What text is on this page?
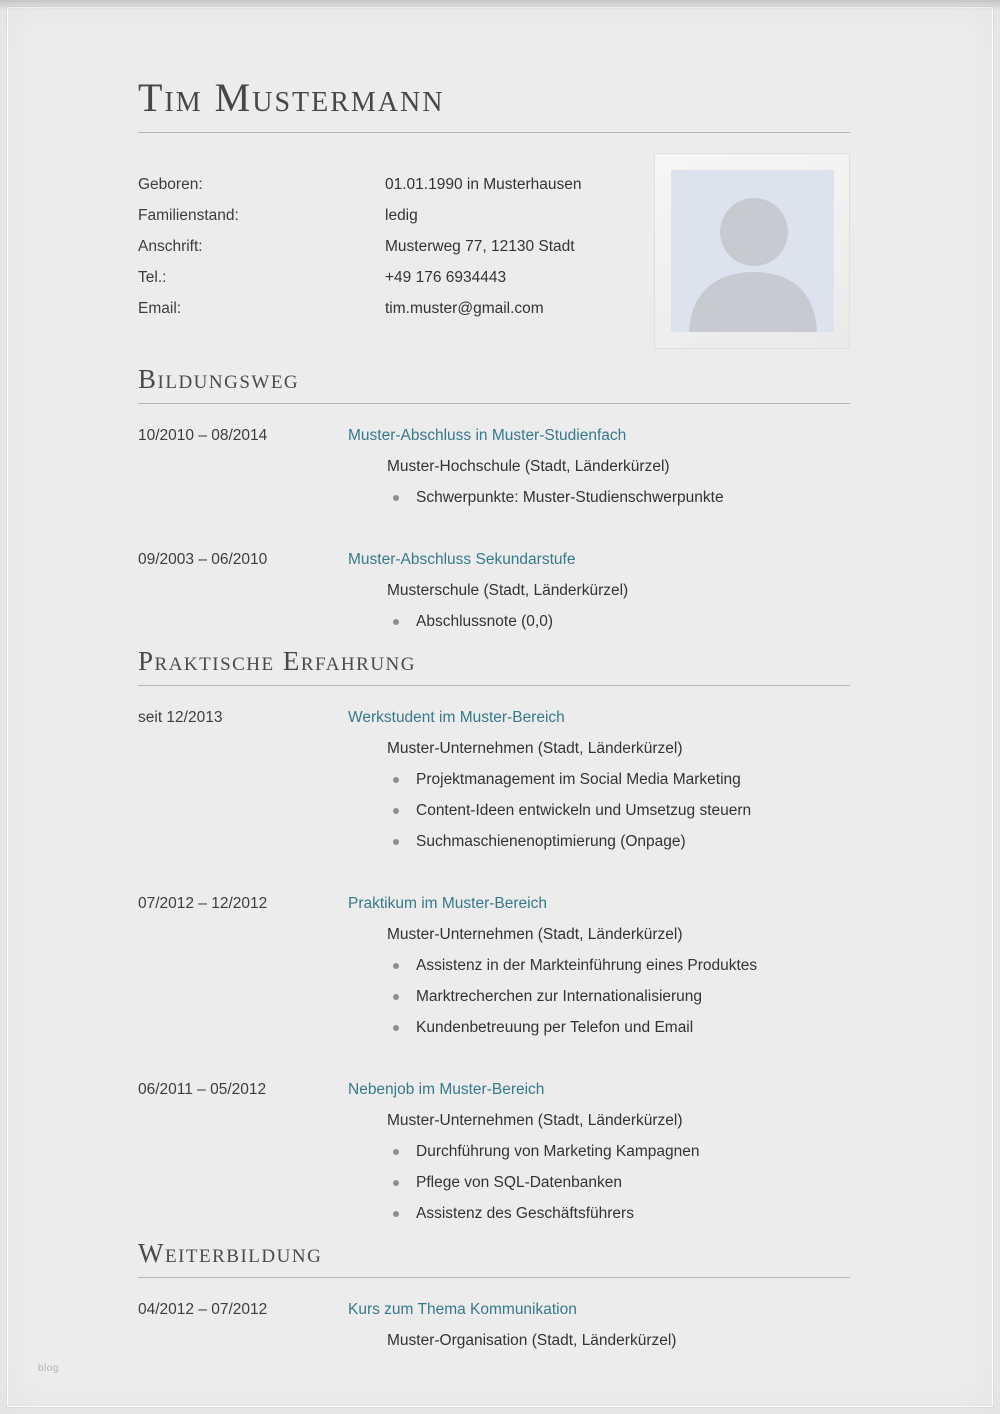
Tim Mustermann
Geboren:	01.01.1990 in Musterhausen
Familienstand:	ledig
Anschrift:	Musterweg 77, 12130 Stadt
Tel.:	+49 176 6934443
Email:	tim.muster@gmail.com
Bildungsweg
10/2010 – 08/2014	Muster-Abschluss in Muster-Studienfach
Muster-Hochschule (Stadt, Länderkürzel)
Schwerpunkte: Muster-Studienschwerpunkte
09/2003 – 06/2010	Muster-Abschluss Sekundarstufe
Musterschule (Stadt, Länderkürzel)
Abschlussnote (0,0)
Praktische Erfahrung
seit 12/2013	Werkstudent im Muster-Bereich
Muster-Unternehmen (Stadt, Länderkürzel)
Projektmanagement im Social Media Marketing
Content-Ideen entwickeln und Umsetzug steuern
Suchmaschienenoptimierung (Onpage)
07/2012 – 12/2012	Praktikum im Muster-Bereich
Muster-Unternehmen (Stadt, Länderkürzel)
Assistenz in der Markteinführung eines Produktes
Marktrecherchen zur Internationalisierung
Kundenbetreuung per Telefon und Email
06/2011 – 05/2012	Nebenjob im Muster-Bereich
Muster-Unternehmen (Stadt, Länderkürzel)
Durchführung von Marketing Kampagnen
Pflege von SQL-Datenbanken
Assistenz des Geschäftsführers
Weiterbildung
04/2012 – 07/2012	Kurs zum Thema Kommunikation
Muster-Organisation (Stadt, Länderkürzel)
blog
